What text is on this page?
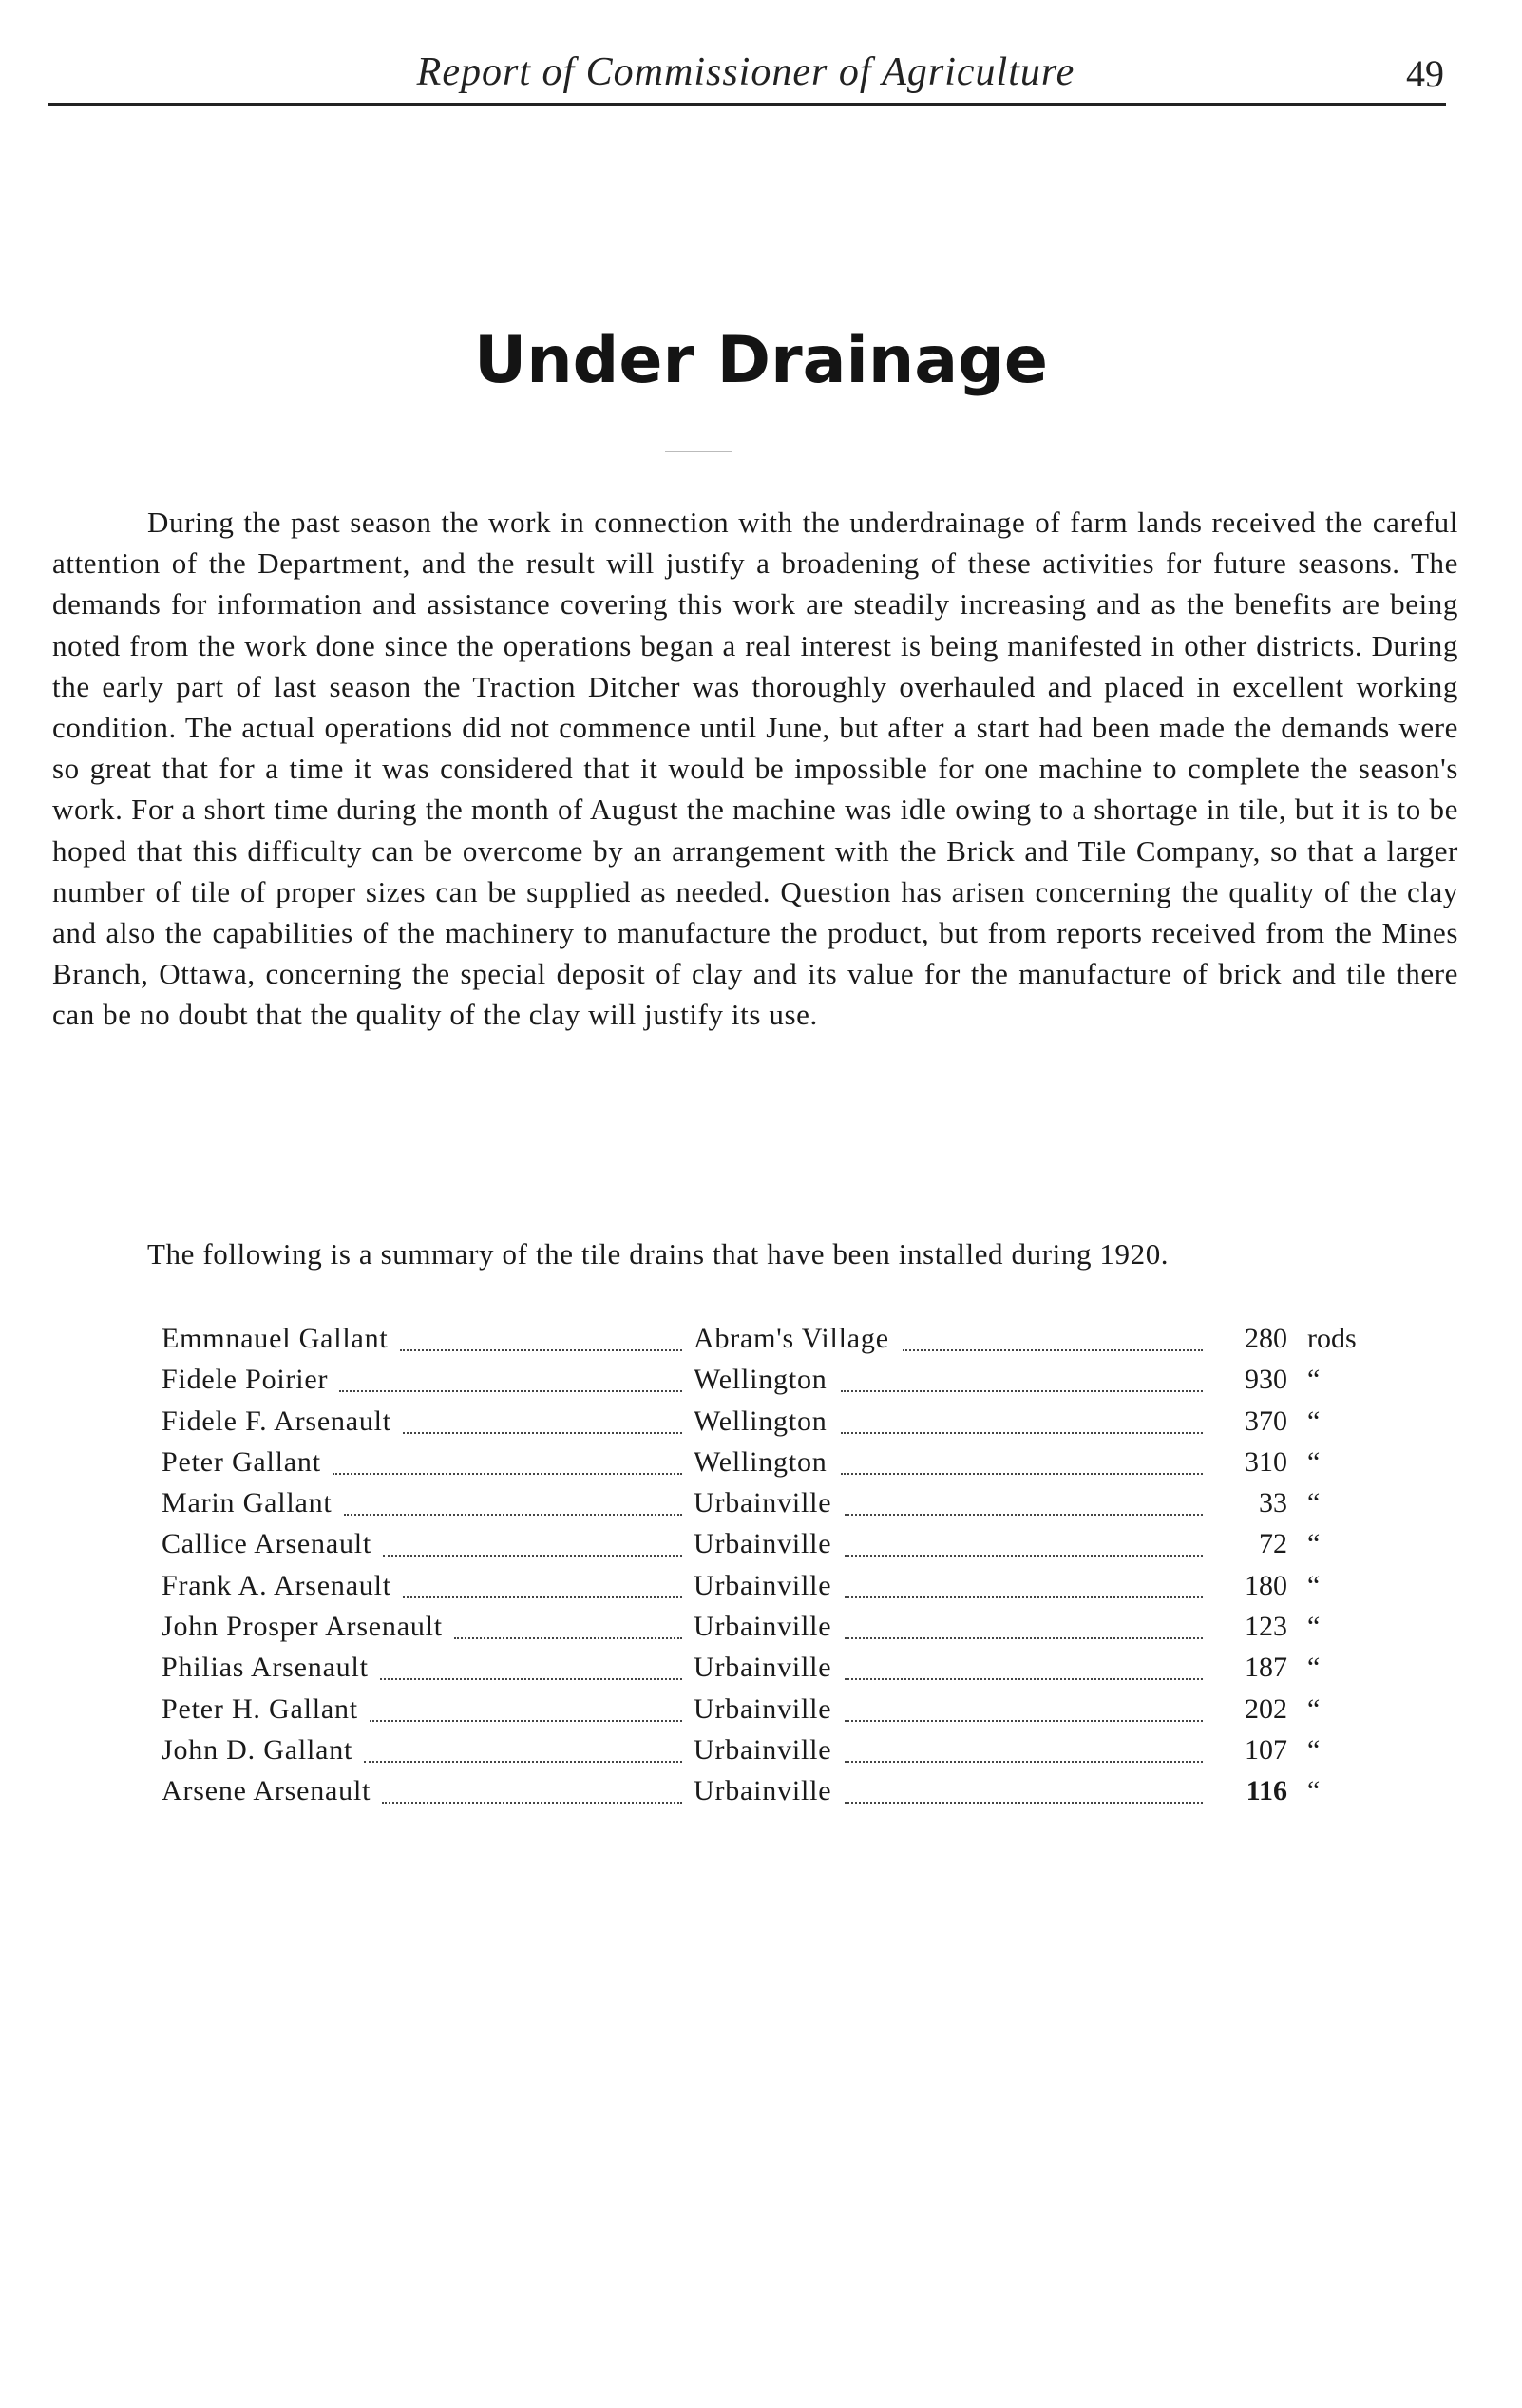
Report of Commissioner of Agriculture	49
Under Drainage

During the past season the work in connection with the underdrainage of farm lands received the careful attention of the Department, and the result will justify a broadening of these activities for future seasons. The demands for information and assistance covering this work are steadily increasing and as the benefits are being noted from the work done since the operations began a real interest is being manifested in other districts. During the early part of last season the Traction Ditcher was thoroughly overhauled and placed in excellent working condition. The actual operations did not commence until June, but after a start had been made the demands were so great that for a time it was considered that it would be impossible for one machine to complete the season's work. For a short time during the month of August the machine was idle owing to a shortage in tile, but it is to be hoped that this difficulty can be overcome by an arrangement with the Brick and Tile Company, so that a larger number of tile of proper sizes can be supplied as needed. Question has arisen concerning the quality of the clay and also the capabilities of the machinery to manufacture the product, but from reports received from the Mines Branch, Ottawa, concerning the special deposit of clay and its value for the manufacture of brick and tile there can be no doubt that the quality of the clay will justify its use.

The following is a summary of the tile drains that have been installed during 1920.

Emmnauel Gallant	Abram's Village	280 rods
Fidele Poirier	Wellington	930 “
Fidele F. Arsenault	Wellington	370 “
Peter Gallant	Wellington	310 “
Marin Gallant	Urbainville	33 “
Callice Arsenault	Urbainville	72 “
Frank A. Arsenault	Urbainville	180 “
John Prosper Arsenault	Urbainville	123 “
Philias Arsenault	Urbainville	187 “
Peter H. Gallant	Urbainville	202 “
John D. Gallant	Urbainville	107 “
Arsene Arsenault	Urbainville	116 “
